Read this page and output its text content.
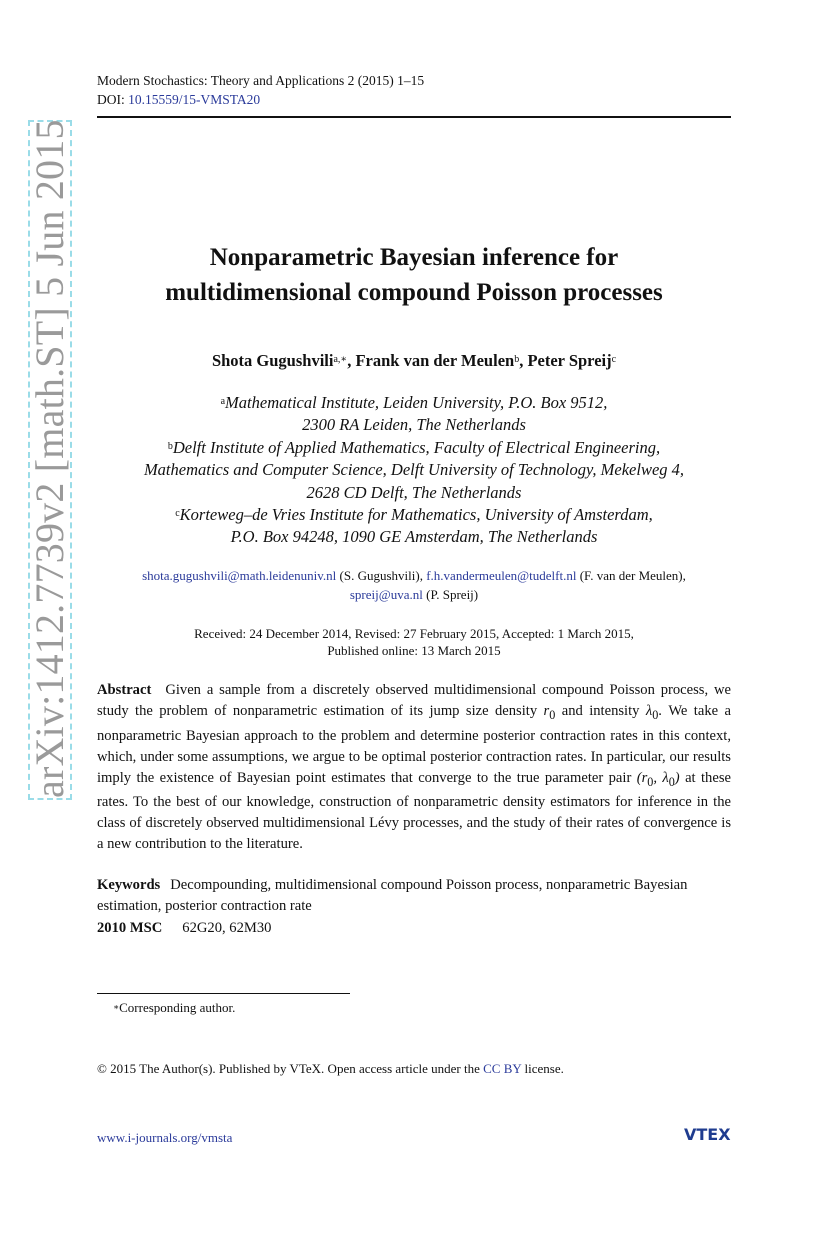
arXiv:1412.7739v2 [math.ST] 5 Jun 2015
Modern Stochastics: Theory and Applications 2 (2015) 1–15
DOI: 10.15559/15-VMSTA20
Nonparametric Bayesian inference for
multidimensional compound Poisson processes
Shota Gugushvili$^{a,∗}$, Frank van der Meulen$^b$, Peter Spreij$^c$
$^a$Mathematical Institute, Leiden University, P.O. Box 9512,
2300 RA Leiden, The Netherlands
$^b$Delft Institute of Applied Mathematics, Faculty of Electrical Engineering,
Mathematics and Computer Science, Delft University of Technology, Mekelweg 4,
2628 CD Delft, The Netherlands
$^c$Korteweg–de Vries Institute for Mathematics, University of Amsterdam,
P.O. Box 94248, 1090 GE Amsterdam, The Netherlands
shota.gugushvili@math.leidenuniv.nl (S. Gugushvili), f.h.vandermeulen@tudelft.nl (F. van der Meulen),
spreij@uva.nl (P. Spreij)
Received: 24 December 2014, Revised: 27 February 2015, Accepted: 1 March 2015,
Published online: 13 March 2015
Abstract Given a sample from a discretely observed multidimensional compound Poisson process, we study the problem of nonparametric estimation of its jump size density $r_0$ and intensity $\lambda_0$. We take a nonparametric Bayesian approach to the problem and determine posterior contraction rates in this context, which, under some assumptions, we argue to be optimal posterior contraction rates. In particular, our results imply the existence of Bayesian point estimates that converge to the true parameter pair ($r_0$, $\lambda_0$) at these rates. To the best of our knowledge, construction of nonparametric density estimators for inference in the class of discretely observed multidimensional Lévy processes, and the study of their rates of convergence is a new contribution to the literature.
Keywords Decompounding, multidimensional compound Poisson process, nonparametric Bayesian estimation, posterior contraction rate
2010 MSC 62G20, 62M30
∗Corresponding author.
© 2015 The Author(s). Published by VTeX. Open access article under the CC BY license.
www.i-journals.org/vmsta	VTEX
